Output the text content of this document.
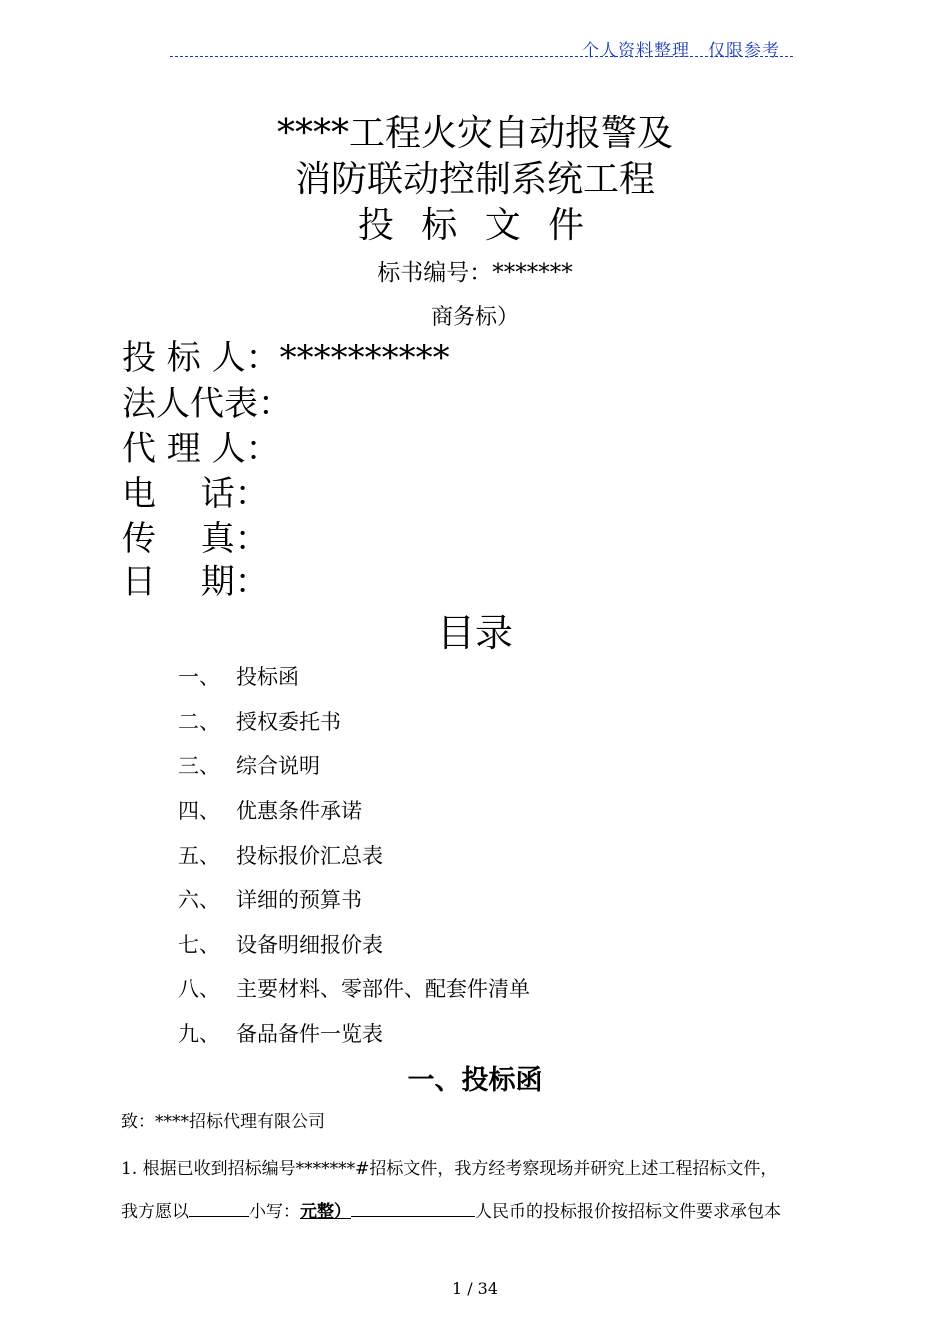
个人资料整理　仅限参考
****工程火灾自动报警及
消防联动控制系统工程
投 标 文 件
标书编号：*******
商务标）
投 标 人：**********
法人代表：
代 理 人：
电　 话：
传　 真：
日　 期：
目录
一、 投标函
二、 授权委托书
三、 综合说明
四、 优惠条件承诺
五、 投标报价汇总表
六、 详细的预算书
七、 设备明细报价表
八、 主要材料、零部件、配套件清单
九、 备品备件一览表
一、投标函
致：****招标代理有限公司
1. 根据已收到招标编号*******#招标文件，我方经考察现场并研究上述工程招标文件，
我方愿以	小写：元整）	人民币的投标报价按招标文件要求承包本
1 / 34
